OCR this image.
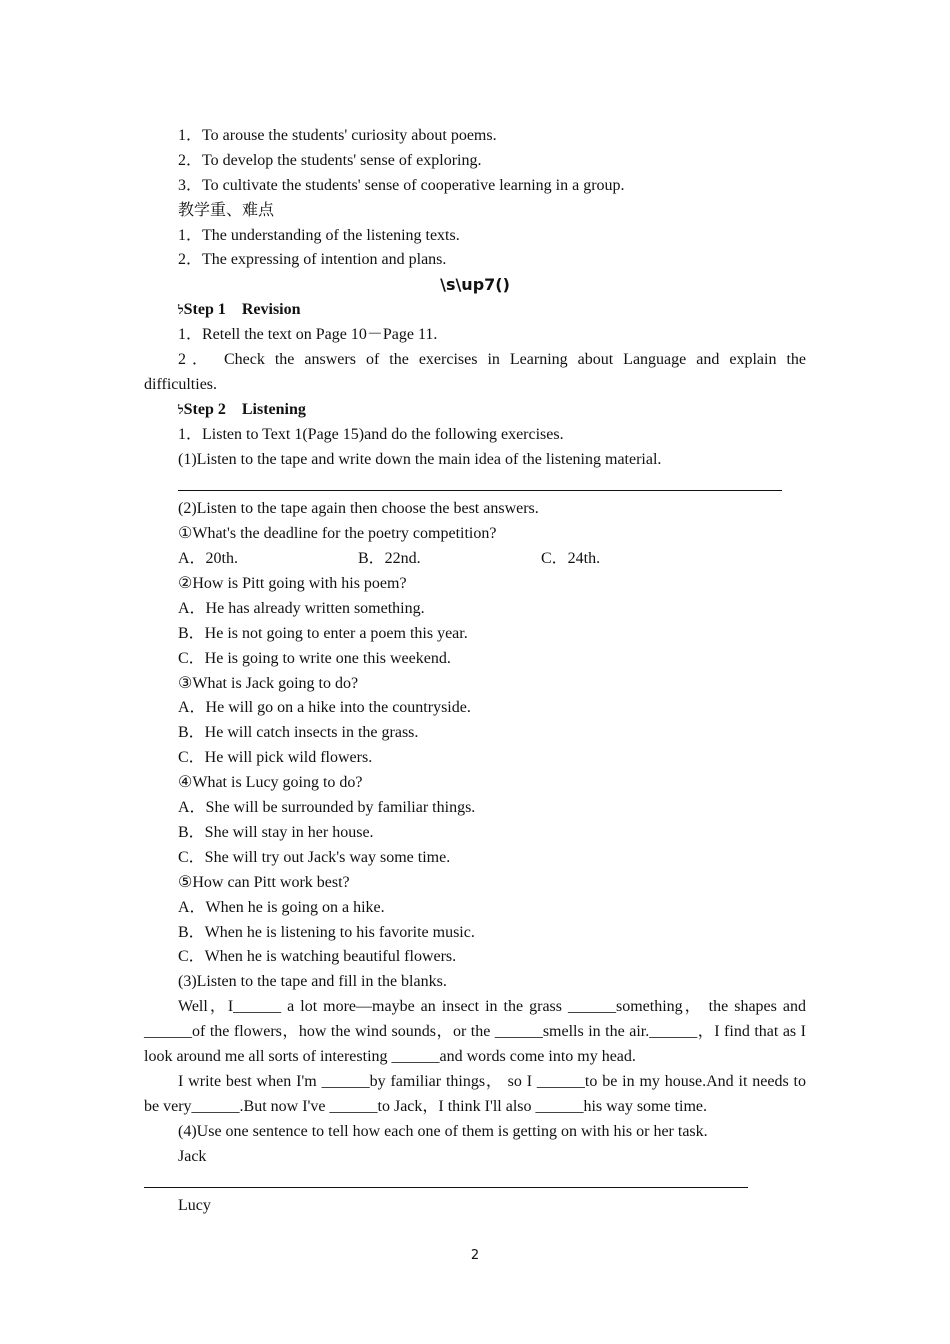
1．To arouse the students' curiosity about poems.
2．To develop the students' sense of exploring.
3．To cultivate the students' sense of cooperative learning in a group.
教学重、难点
1．The understanding of the listening texts.
2．The expressing of intention and plans.
\s\up7()
לStep 1　Revision
1．Retell the text on Page 10－Page 11.
2． Check the answers of the exercises in Learning about Language and explain the
difficulties.
לStep 2　Listening
1．Listen to Text 1(Page 15)and do the following exercises.
(1)Listen to the tape and write down the main idea of the listening material.
(2)Listen to the tape again then choose the best answers.
①What's the deadline for the poetry competition?
A．20th.	B．22nd.	C．24th.
②How is Pitt going with his poem?
A．He has already written something.
B．He is not going to enter a poem this year.
C．He is going to write one this weekend.
③What is Jack going to do?
A．He will go on a hike into the countryside.
B．He will catch insects in the grass.
C．He will pick wild flowers.
④What is Lucy going to do?
A．She will be surrounded by familiar things.
B．She will stay in her house.
C．She will try out Jack's way some time.
⑤How can Pitt work best?
A．When he is going on a hike.
B．When he is listening to his favorite music.
C．When he is watching beautiful flowers.
(3)Listen to the tape and fill in the blanks.
Well，I______ a lot more—maybe an insect in the grass ______something， the shapes and ______of the flowers，how the wind sounds，or the ______smells in the air.______，I find that as I look around me all sorts of interesting ______and words come into my head.
I write best when I'm ______by familiar things， so I ______to be in my house.And it needs to be very______.But now I've ______to Jack，I think I'll also ______his way some time.
(4)Use one sentence to tell how each one of them is getting on with his or her task.
Jack
Lucy
2
